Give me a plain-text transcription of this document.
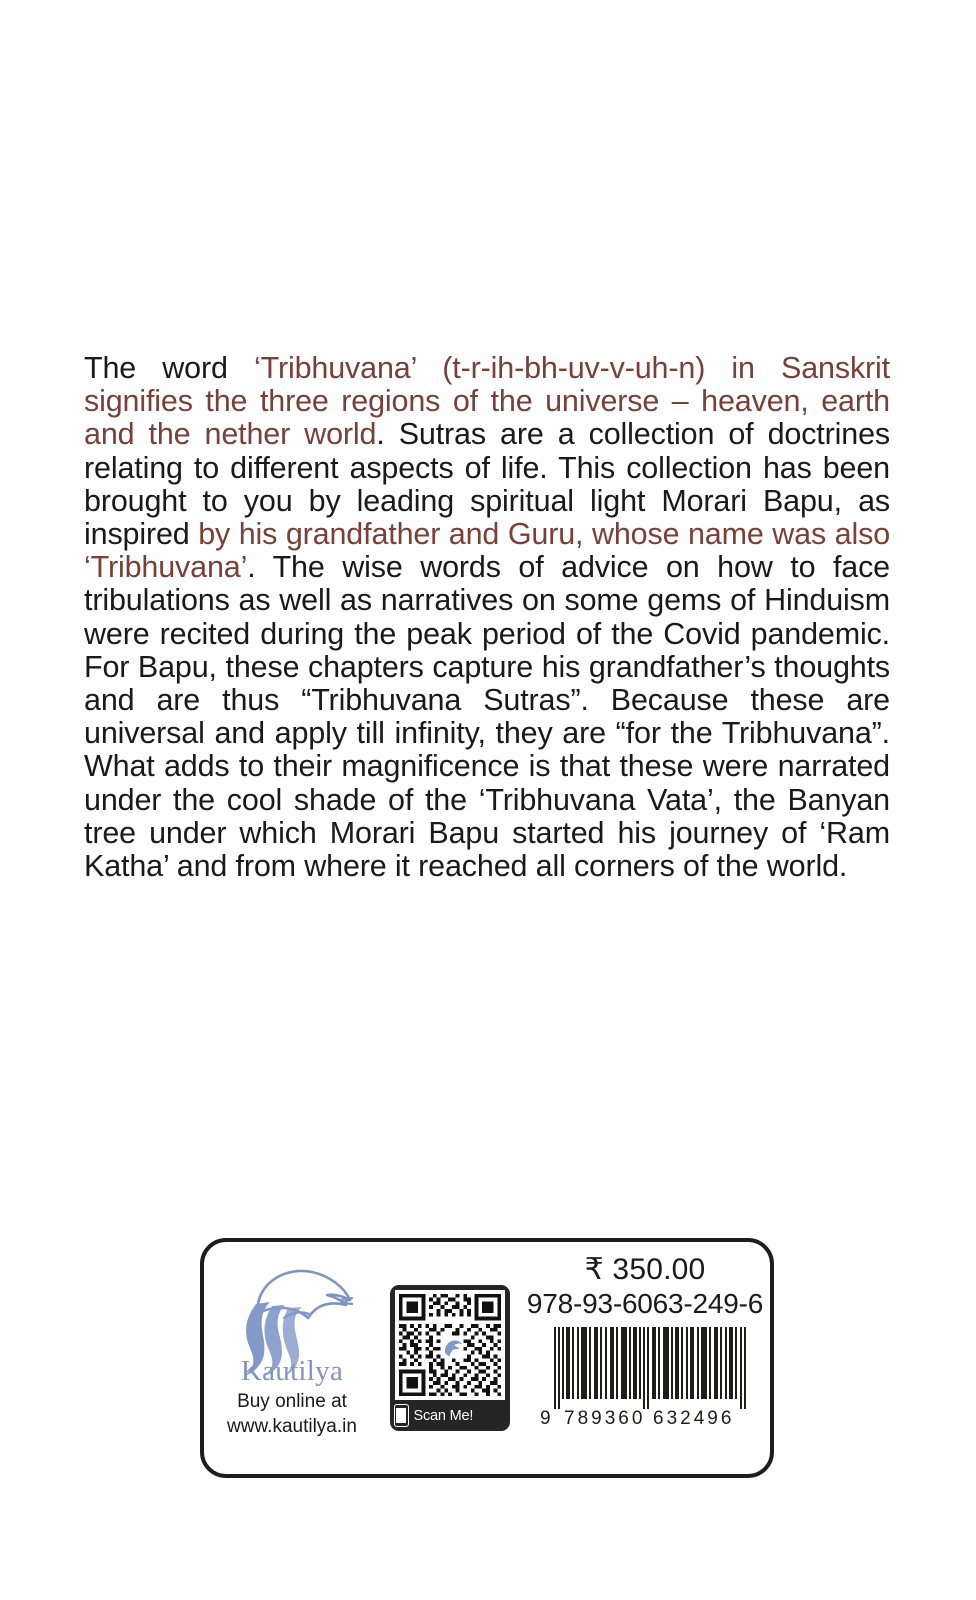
The word ‘Tribhuvana’ (t-r-ih-bh-uv-v-uh-n) in Sanskrit signifies the three regions of the universe – heaven, earth and the nether world. Sutras are a collection of doctrines relating to different aspects of life. This collection has been brought to you by leading spiritual light Morari Bapu, as inspired by his grandfather and Guru, whose name was also ‘Tribhuvana’. The wise words of advice on how to face tribulations as well as narratives on some gems of Hinduism were recited during the peak period of the Covid pandemic. For Bapu, these chapters capture his grandfather’s thoughts and are thus “Tribhuvana Sutras”. Because these are universal and apply till infinity, they are “for the Tribhuvana”. What adds to their magnificence is that these were narrated under the cool shade of the ‘Tribhuvana Vata’, the Banyan tree under which Morari Bapu started his journey of ‘Ram Katha’ and from where it reached all corners of the world.

Kautilya
Buy online at
www.kautilya.in
Scan Me!
₹ 350.00
978-93-6063-249-6
9 789360 632496
